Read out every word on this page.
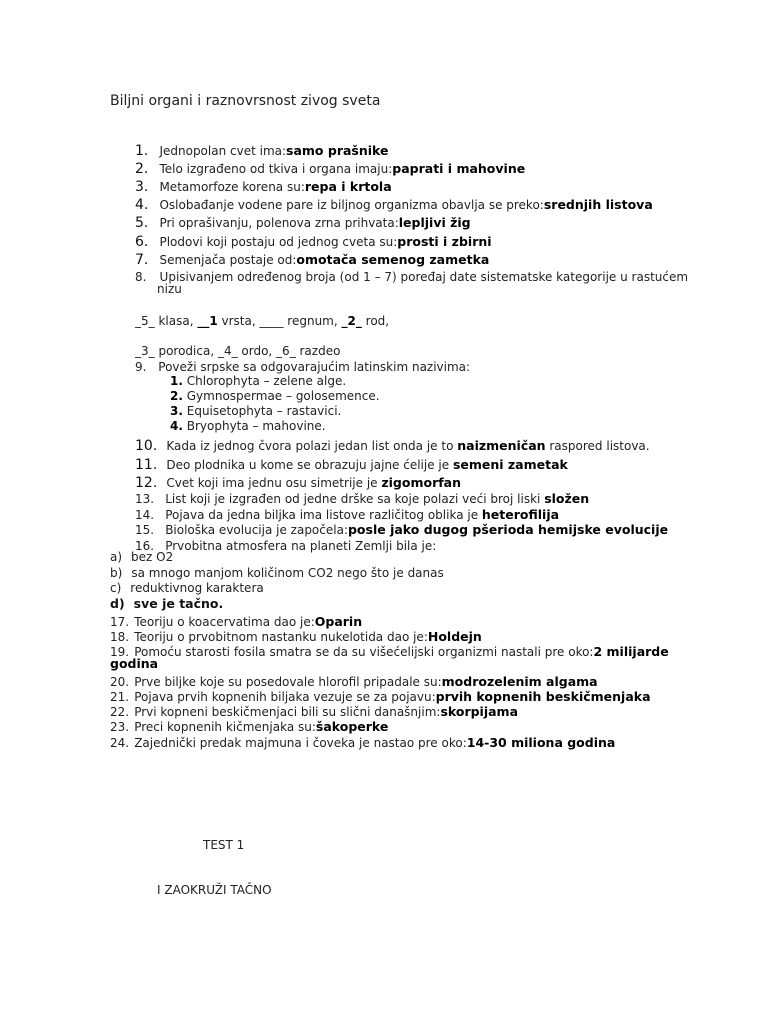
Biljni organi i raznovrsnost zivog sveta
1. Jednopolan cvet ima:samo prašnike
2. Telo izgrađeno od tkiva i organa imaju:paprati i mahovine
3. Metamorfoze korena su:repa i krtola
4. Oslobađanje vodene pare iz biljnog organizma obavlja se preko:srednjih listova
5. Pri oprašivanju, polenova zrna prihvata:lepljivi žig
6. Plodovi koji postaju od jednog cveta su:prosti i zbirni
7. Semenjača postaje od:omotača semenog zametka
8. Upisivanjem određenog broja (od 1 – 7) poređaj date sistematske kategorije u rastućem
nizu
_5_ klasa, __1 vrsta, ____ regnum, _2_ rod,
_3_ porodica, _4_ ordo, _6_ razdeo
9. Poveži srpske sa odgovarajućim latinskim nazivima:
1. Chlorophyta – zelene alge.
2. Gymnospermae – golosemence.
3. Equisetophyta – rastavici.
4. Bryophyta – mahovine.
10. Kada iz jednog čvora polazi jedan list onda je to naizmeničan raspored listova.
11. Deo plodnika u kome se obrazuju jajne ćelije je semeni zametak
12. Cvet koji ima jednu osu simetrije je zigomorfan
13. List koji je izgrađen od jedne drške sa koje polazi veći broj liski složen
14. Pojava da jedna biljka ima listove različitog oblika je heterofilija
15. Biološka evolucija je započela:posle jako dugog pšerioda hemijske evolucije
16. Prvobitna atmosfera na planeti Zemlji bila je:
a) bez O2
b) sa mnogo manjom količinom CO2 nego što je danas
c) reduktivnog karaktera
d) sve je tačno.
17. Teoriju o koacervatima dao je:Oparin
18. Teoriju o prvobitnom nastanku nukelotida dao je:Holdejn
19. Pomoću starosti fosila smatra se da su višećelijski organizmi nastali pre oko:2 milijarde
godina
20. Prve biljke koje su posedovale hlorofil pripadale su:modrozelenim algama
21. Pojava prvih kopnenih biljaka vezuje se za pojavu:prvih kopnenih beskičmenjaka
22. Prvi kopneni beskičmenjaci bili su slični današnjim:skorpijama
23. Preci kopnenih kičmenjaka su:šakoperke
24. Zajednički predak majmuna i čoveka je nastao pre oko:14-30 miliona godina
TEST 1
I ZAOKRUŽI TAČNO
